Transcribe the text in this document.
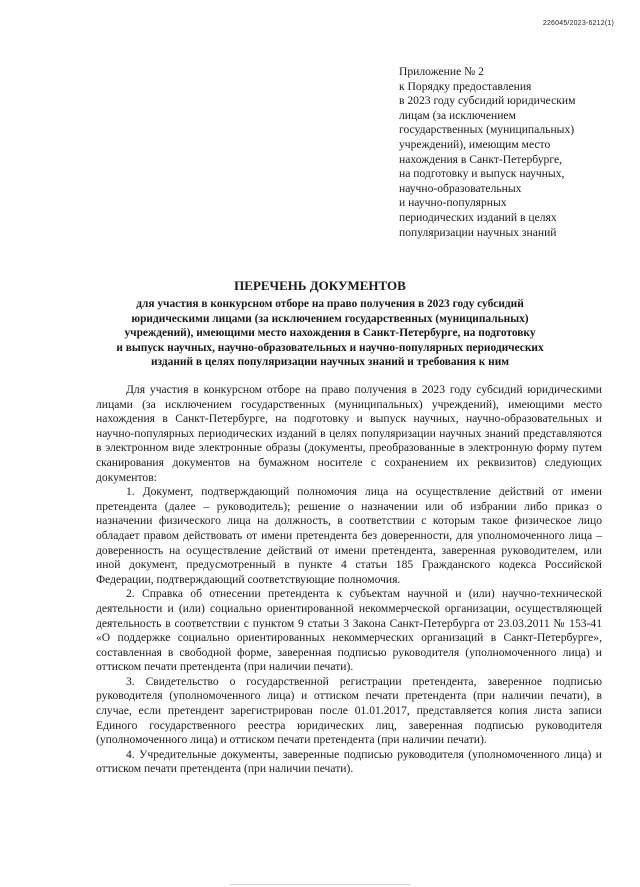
226045/2023-6212(1)
Приложение № 2
к Порядку предоставления
в 2023 году субсидий юридическим
лицам (за исключением
государственных (муниципальных)
учреждений), имеющим место
нахождения в Санкт-Петербурге,
на подготовку и выпуск научных,
научно-образовательных
и научно-популярных
периодических изданий в целях
популяризации научных знаний
ПЕРЕЧЕНЬ ДОКУМЕНТОВ
для участия в конкурсном отборе на право получения в 2023 году субсидий
юридическими лицами (за исключением государственных (муниципальных)
учреждений), имеющими место нахождения в Санкт-Петербурге, на подготовку
и выпуск научных, научно-образовательных и научно-популярных периодических
изданий в целях популяризации научных знаний и требования к ним

Для участия в конкурсном отборе на право получения в 2023 году субсидий юридическими лицами (за исключением государственных (муниципальных) учреждений), имеющими место нахождения в Санкт-Петербурге, на подготовку и выпуск научных, научно-образовательных и научно-популярных периодических изданий в целях популяризации научных знаний представляются в электронном виде электронные образы (документы, преобразованные в электронную форму путем сканирования документов на бумажном носителе с сохранением их реквизитов) следующих документов:

1. Документ, подтверждающий полномочия лица на осуществление действий от имени претендента (далее – руководитель); решение о назначении или об избрании либо приказ о назначении физического лица на должность, в соответствии с которым такое физическое лицо обладает правом действовать от имени претендента без доверенности, для уполномоченного лица – доверенность на осуществление действий от имени претендента, заверенная руководителем, или иной документ, предусмотренный в пункте 4 статьи 185 Гражданского кодекса Российской Федерации, подтверждающий соответствующие полномочия.

2. Справка об отнесении претендента к субъектам научной и (или) научно-технической деятельности и (или) социально ориентированной некоммерческой организации, осуществляющей деятельность в соответствии с пунктом 9 статьи 3 Закона Санкт-Петербурга от 23.03.2011 № 153-41 «О поддержке социально ориентированных некоммерческих организаций в Санкт-Петербурге», составленная в свободной форме, заверенная подписью руководителя (уполномоченного лица) и оттиском печати претендента (при наличии печати).

3. Свидетельство о государственной регистрации претендента, заверенное подписью руководителя (уполномоченного лица) и оттиском печати претендента (при наличии печати), в случае, если претендент зарегистрирован после 01.01.2017, представляется копия листа записи Единого государственного реестра юридических лиц, заверенная подписью руководителя (уполномоченного лица) и оттиском печати претендента (при наличии печати).

4. Учредительные документы, заверенные подписью руководителя (уполномоченного лица) и оттиском печати претендента (при наличии печати).
